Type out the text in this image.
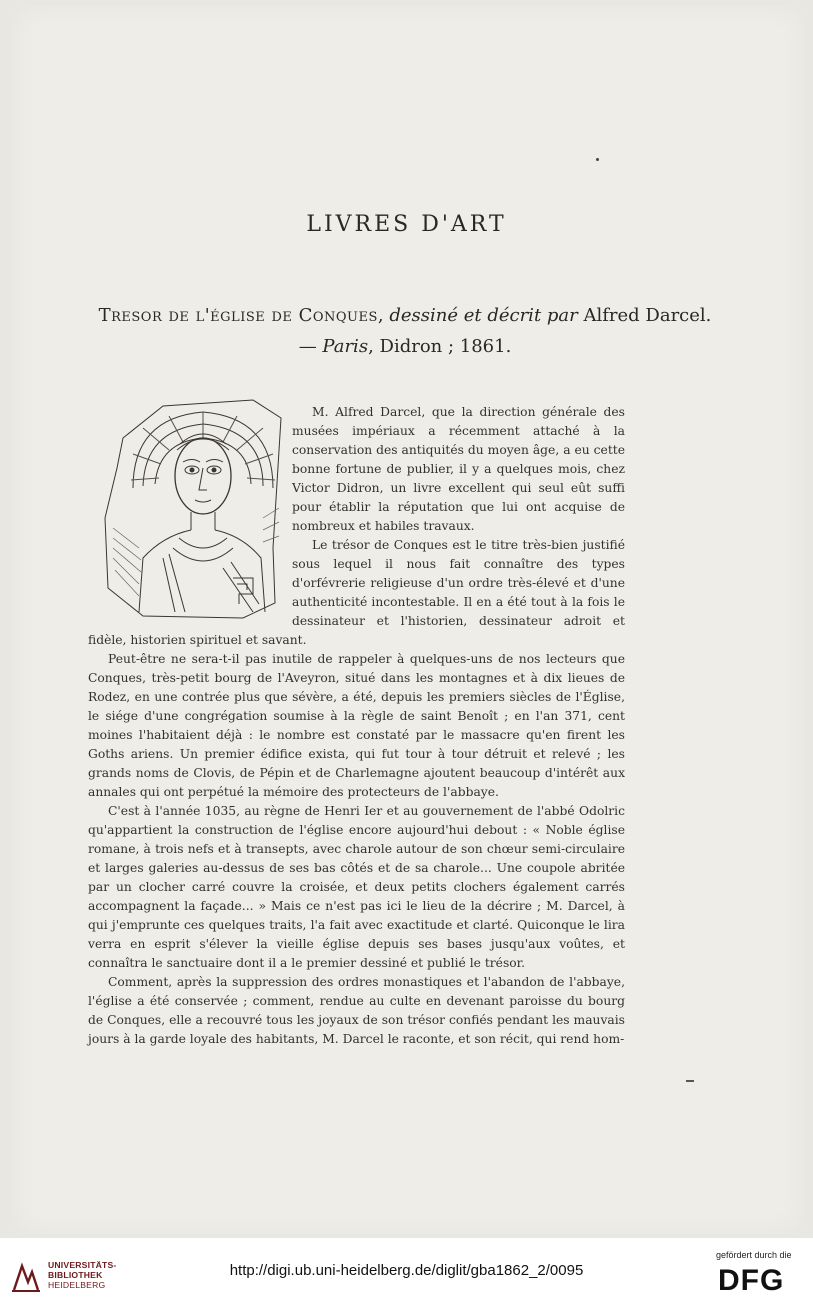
LIVRES D'ART
Tresor de l'église de Conques, dessiné et décrit par Alfred Darcel.
— Paris, Didron ; 1861.

M. Alfred Darcel, que la direction générale des musées impériaux a récemment attaché à la conservation des antiquités du moyen âge, a eu cette bonne fortune de publier, il y a quelques mois, chez Victor Didron, un livre excellent qui seul eût suffi pour établir la réputation que lui ont acquise de nombreux et habiles travaux.

Le trésor de Conques est le titre très-bien justifié sous lequel il nous fait connaître des types d'orfévrerie religieuse d'un ordre très-élevé et d'une authenticité incontestable. Il en a été tout à la fois le dessinateur et l'historien, dessinateur adroit et fidèle, historien spirituel et savant.

Peut-être ne sera-t-il pas inutile de rappeler à quelques-uns de nos lecteurs que Conques, très-petit bourg de l'Aveyron, situé dans les montagnes et à dix lieues de Rodez, en une contrée plus que sévère, a été, depuis les premiers siècles de l'Église, le siége d'une congrégation soumise à la règle de saint Benoît ; en l'an 371, cent moines l'habitaient déjà : le nombre est constaté par le massacre qu'en firent les Goths ariens. Un premier édifice exista, qui fut tour à tour détruit et relevé ; les grands noms de Clovis, de Pépin et de Charlemagne ajoutent beaucoup d'intérêt aux annales qui ont perpétué la mémoire des protecteurs de l'abbaye.

C'est à l'année 1035, au règne de Henri Ier et au gouvernement de l'abbé Odolric qu'appartient la construction de l'église encore aujourd'hui debout : « Noble église romane, à trois nefs et à transepts, avec charole autour de son chœur semi-circulaire et larges galeries au-dessus de ses bas côtés et de sa charole... Une coupole abritée par un clocher carré couvre la croisée, et deux petits clochers également carrés accompagnent la façade... » Mais ce n'est pas ici le lieu de la décrire ; M. Darcel, à qui j'emprunte ces quelques traits, l'a fait avec exactitude et clarté. Quiconque le lira verra en esprit s'élever la vieille église depuis ses bases jusqu'aux voûtes, et connaîtra le sanctuaire dont il a le premier dessiné et publié le trésor.

Comment, après la suppression des ordres monastiques et l'abandon de l'abbaye, l'église a été conservée ; comment, rendue au culte en devenant paroisse du bourg de Conques, elle a recouvré tous les joyaux de son trésor confiés pendant les mauvais jours à la garde loyale des habitants, M. Darcel le raconte, et son récit, qui rend hom-

UNIVERSITÄTS-
BIBLIOTHEK
HEIDELBERG
http://digi.ub.uni-heidelberg.de/diglit/gba1862_2/0095
gefördert durch die
DFG
